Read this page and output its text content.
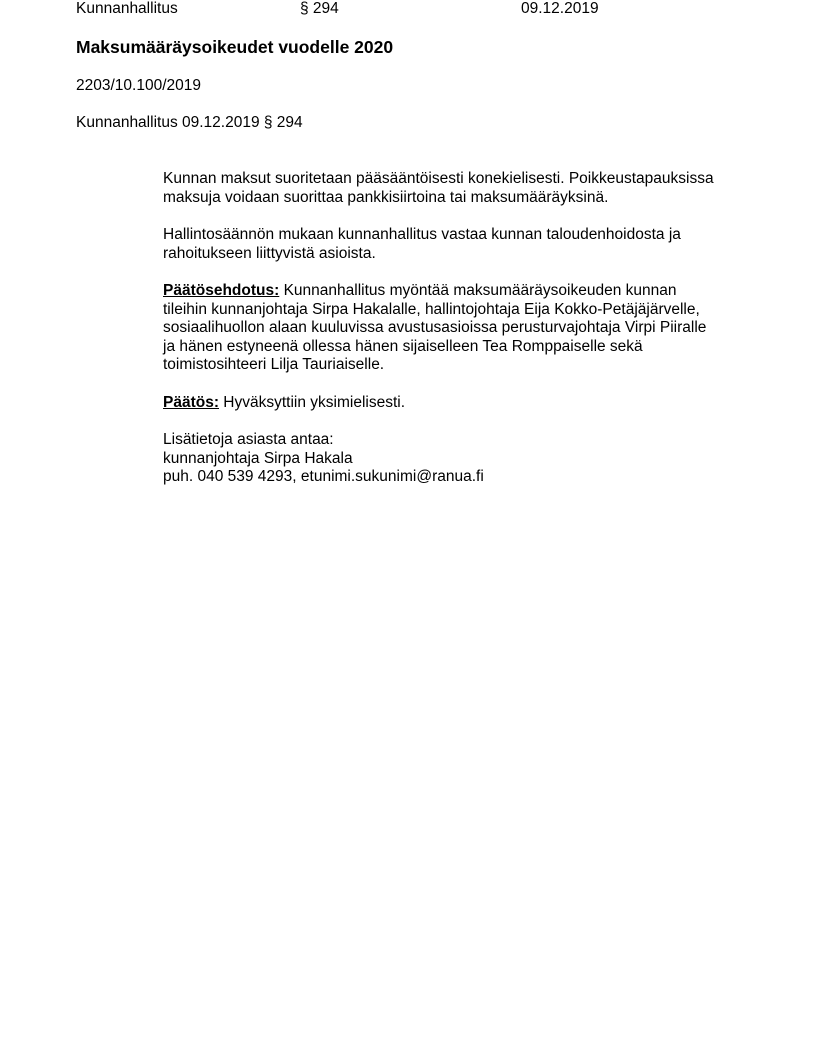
Kunnanhallitus	§ 294	09.12.2019
Maksumääräysoikeudet vuodelle 2020

2203/10.100/2019

Kunnanhallitus 09.12.2019 § 294

Kunnan maksut suoritetaan pääsääntöisesti konekielisesti. Poikkeustapauksissa
maksuja voidaan suorittaa pankkisiirtoina tai maksumääräyksinä.

Hallintosäännön mukaan kunnanhallitus vastaa kunnan taloudenhoidosta ja
rahoitukseen liittyvistä asioista.

Päätösehdotus: Kunnanhallitus myöntää maksumääräysoikeuden kunnan
tileihin kunnanjohtaja Sirpa Hakalalle, hallintojohtaja Eija Kokko-Petäjäjärvelle,
sosiaalihuollon alaan kuuluvissa avustusasioissa perusturvajohtaja Virpi Piiralle
ja hänen estyneenä ollessa hänen sijaiselleen Tea Romppaiselle sekä
toimistosihteeri Lilja Tauriaiselle.

Päätös: Hyväksyttiin yksimielisesti.

Lisätietoja asiasta antaa:
kunnanjohtaja Sirpa Hakala
puh. 040 539 4293, etunimi.sukunimi@ranua.fi
